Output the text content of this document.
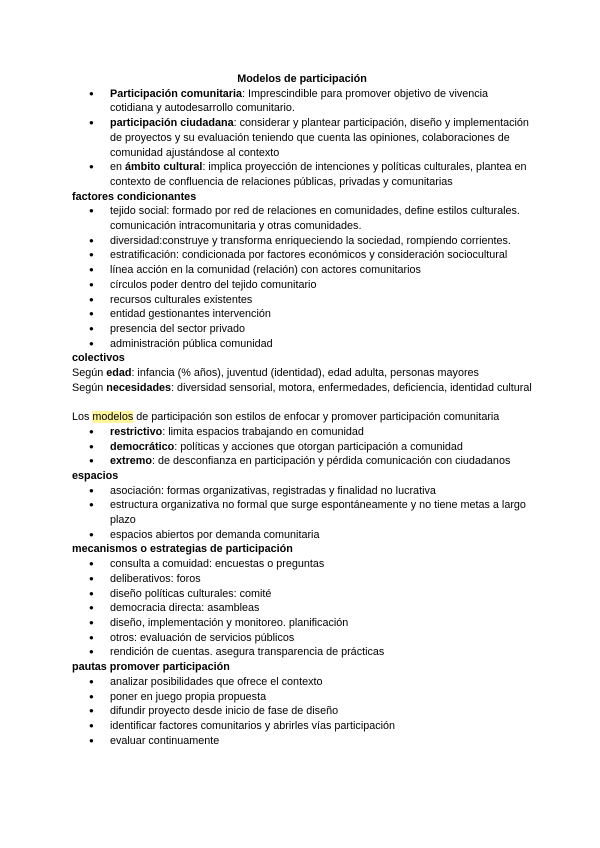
Modelos de participación
● Participación comunitaria: Imprescindible para promover objetivo de vivencia cotidiana y autodesarrollo comunitario.
● participación ciudadana: considerar y plantear participación, diseño y implementación de proyectos y su evaluación teniendo que cuenta las opiniones, colaboraciones de comunidad ajustándose al contexto
● en ámbito cultural: implica proyección de intenciones y políticas culturales, plantea en contexto de confluencia de relaciones públicas, privadas y comunitarias
factores condicionantes
● tejido social: formado por red de relaciones en comunidades, define estilos culturales. comunicación intracomunitaria y otras comunidades.
● diversidad:construye y transforma enriqueciendo la sociedad, rompiendo corrientes.
● estratificación: condicionada por factores económicos y consideración sociocultural
● línea acción en la comunidad (relación) con actores comunitarios
● círculos poder dentro del tejido comunitario
● recursos culturales existentes
● entidad gestionantes intervención
● presencia del sector privado
● administración pública comunidad
colectivos

Según edad: infancia (% años), juventud (identidad), edad adulta, personas mayores

Según necesidades: diversidad sensorial, motora, enfermedades, deficiencia, identidad cultural

Los modelos de participación son estilos de enfocar y promover participación comunitaria

● restrictivo: limita espacios trabajando en comunidad
● democrático: políticas y acciones que otorgan participación a comunidad
● extremo: de desconfianza en participación y pérdida comunicación con ciudadanos
espacios
● asociación: formas organizativas, registradas y finalidad no lucrativa
● estructura organizativa no formal que surge espontáneamente y no tiene metas a largo plazo
● espacios abiertos por demanda comunitaria
mecanismos o estrategias de participación
● consulta a comuidad: encuestas o preguntas
● deliberativos: foros
● diseño políticas culturales: comité
● democracia directa: asambleas
● diseño, implementación y monitoreo. planificación
● otros: evaluación de servicios públicos
● rendición de cuentas. asegura transparencia de prácticas
pautas promover participación
● analizar posibilidades que ofrece el contexto
● poner en juego propia propuesta
● difundir proyecto desde inicio de fase de diseño
● identificar factores comunitarios y abrirles vías participación
● evaluar continuamente
